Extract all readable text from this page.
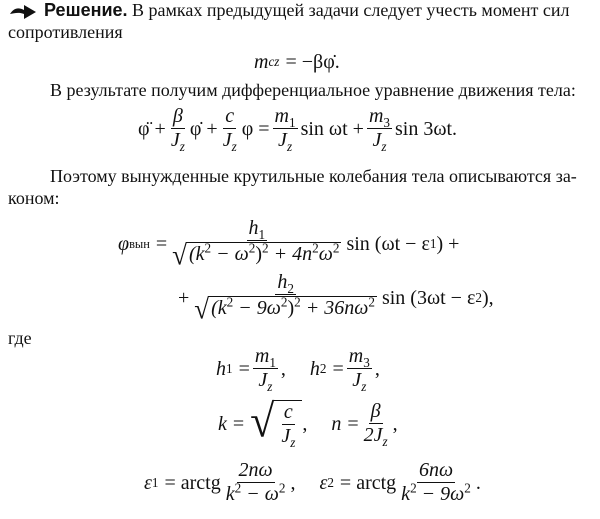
Решение. В рамках предыдущей задачи следует учесть момент сил
сопротивления
m cz = −βφ̇.
В результате получим дифференциальное уравнение движения тела:
φ̈ + $\frac{\beta}{J_z}$ φ̇ + $\frac{c}{J_z}$ $\varphi = \frac{m_1}{J_z}$ $\sin \omega t + \frac{m_3}{J_z}$ sin 3ωt.
Поэтому вынужденные крутильные колебания тела описываются за-
коном:
φ вын = $\frac{h_1}{√ (k^2 - \omega^2)^2 + 4n^2\omega^2}$ sin (ωt − ε 1 ) +
+ $\frac{h_2}{√ (k^2 - 9\omega^2)^2 + 36n\omega^2}$ sin (3ωt − ε 2 ),
где
h $1 = \frac{m_1}{J_z}$ , h $2 = \frac{m_3}{J_z}$ ,
k = √ $\frac{c}{J_z}$ , $n = \frac{\beta}{2J_z}$ ,
ε 1 = arctg $\frac{2n\omega}{k^2 - \omega^2}$ , ε 2 = arctg $\frac{6n\omega}{k^2 - 9\omega^2}$ .
